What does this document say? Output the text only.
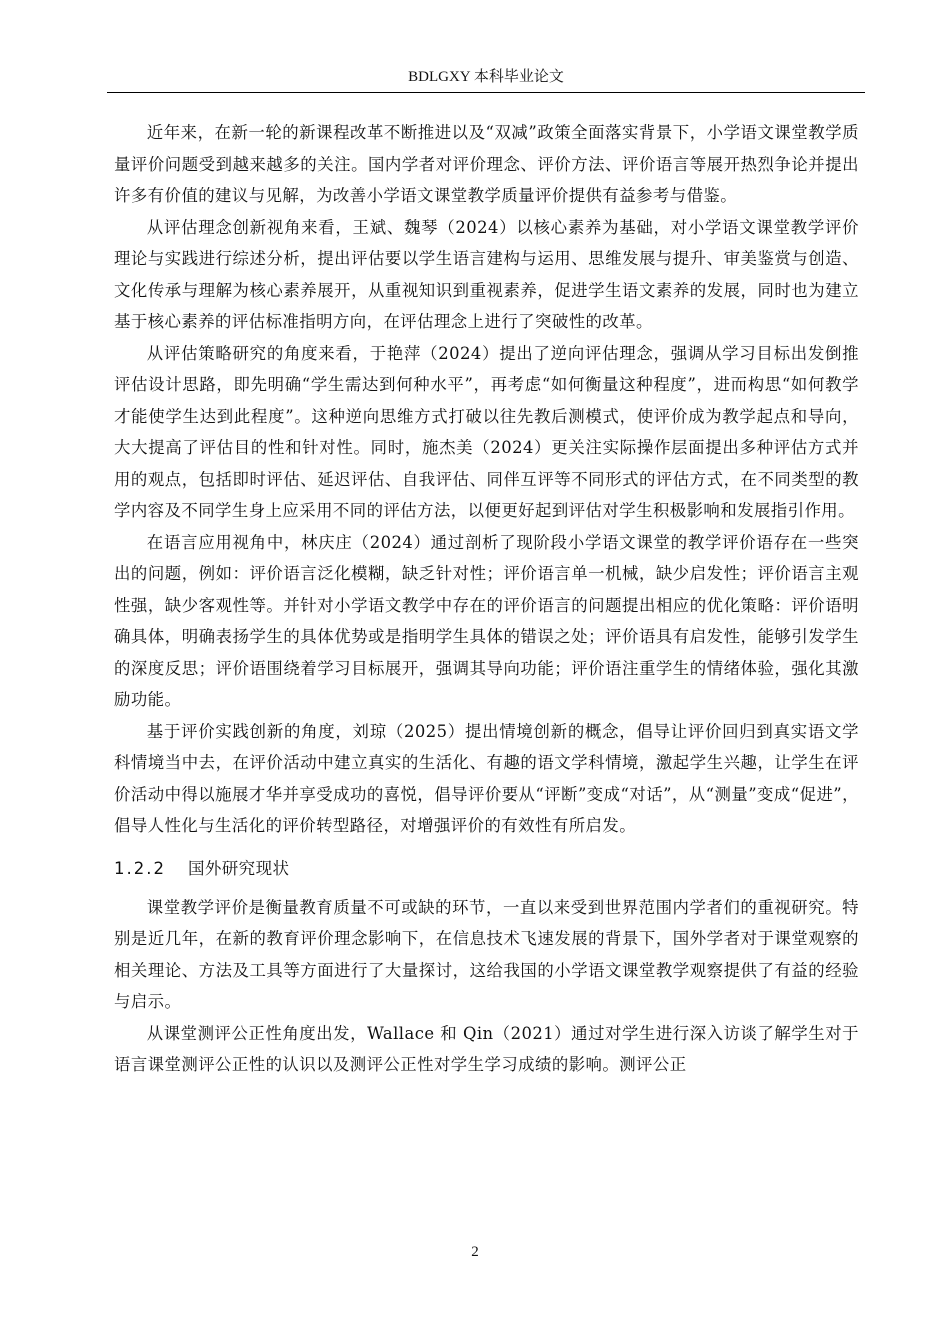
BDLGXY 本科毕业论文

近年来，在新一轮的新课程改革不断推进以及“双减”政策全面落实背景下，小学语文课堂教学质量评价问题受到越来越多的关注。国内学者对评价理念、评价方法、评价语言等展开热烈争论并提出许多有价值的建议与见解，为改善小学语文课堂教学质量评价提供有益参考与借鉴。

从评估理念创新视角来看，王斌、魏琴（2024）以核心素养为基础，对小学语文课堂教学评价理论与实践进行综述分析，提出评估要以学生语言建构与运用、思维发展与提升、审美鉴赏与创造、文化传承与理解为核心素养展开，从重视知识到重视素养，促进学生语文素养的发展，同时也为建立基于核心素养的评估标准指明方向，在评估理念上进行了突破性的改革。

从评估策略研究的角度来看，于艳萍（2024）提出了逆向评估理念，强调从学习目标出发倒推评估设计思路，即先明确“学生需达到何种水平”，再考虑“如何衡量这种程度”，进而构思“如何教学才能使学生达到此程度”。这种逆向思维方式打破以往先教后测模式，使评价成为教学起点和导向，大大提高了评估目的性和针对性。同时，施杰美（2024）更关注实际操作层面提出多种评估方式并用的观点，包括即时评估、延迟评估、自我评估、同伴互评等不同形式的评估方式，在不同类型的教学内容及不同学生身上应采用不同的评估方法，以便更好起到评估对学生积极影响和发展指引作用。

在语言应用视角中，林庆庄（2024）通过剖析了现阶段小学语文课堂的教学评价语存在一些突出的问题，例如：评价语言泛化模糊，缺乏针对性；评价语言单一机械，缺少启发性；评价语言主观性强，缺少客观性等。并针对小学语文教学中存在的评价语言的问题提出相应的优化策略：评价语明确具体，明确表扬学生的具体优势或是指明学生具体的错误之处；评价语具有启发性，能够引发学生的深度反思；评价语围绕着学习目标展开，强调其导向功能；评价语注重学生的情绪体验，强化其激励功能。

基于评价实践创新的角度，刘琼（2025）提出情境创新的概念，倡导让评价回归到真实语文学科情境当中去，在评价活动中建立真实的生活化、有趣的语文学科情境，激起学生兴趣，让学生在评价活动中得以施展才华并享受成功的喜悦，倡导评价要从“评断”变成“对话”，从“测量”变成“促进”，倡导人性化与生活化的评价转型路径，对增强评价的有效性有所启发。

1.2.2 国外研究现状

课堂教学评价是衡量教育质量不可或缺的环节，一直以来受到世界范围内学者们的重视研究。特别是近几年，在新的教育评价理念影响下，在信息技术飞速发展的背景下，国外学者对于课堂观察的相关理论、方法及工具等方面进行了大量探讨，这给我国的小学语文课堂教学观察提供了有益的经验与启示。

从课堂测评公正性角度出发，Wallace 和 Qin（2021）通过对学生进行深入访谈了解学生对于语言课堂测评公正性的认识以及测评公正性对学生学习成绩的影响。测评公正

2
